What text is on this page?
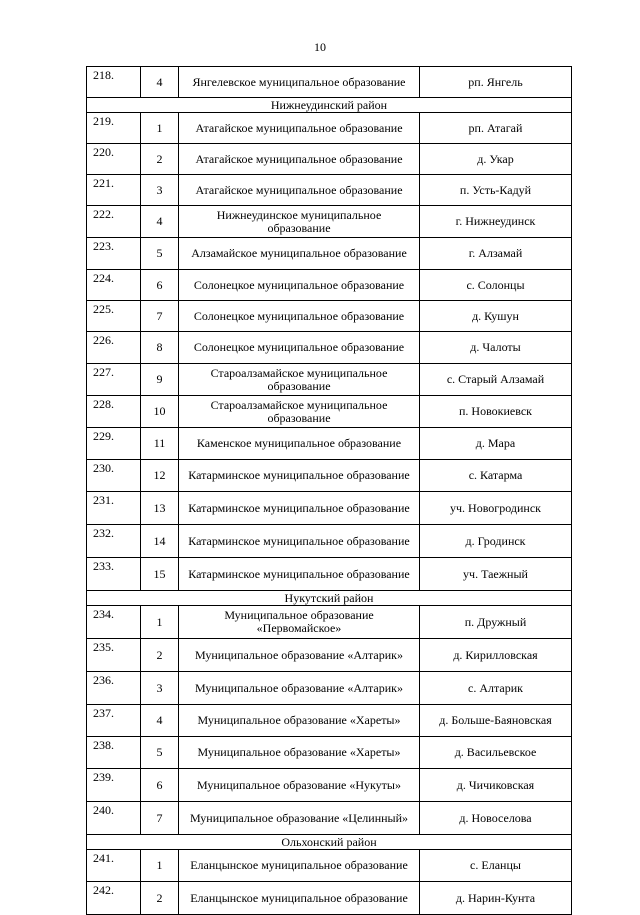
10
218.	4	Янгелевское муниципальное образование	рп. Янгель
Нижнеудинский район			
219.	1	Атагайское муниципальное образование	рп. Атагай
220.	2	Атагайское муниципальное образование	д. Укар
221.	3	Атагайское муниципальное образование	п. Усть-Кадуй
222.	4	Нижнеудинское муниципальное образование	г. Нижнеудинск
223.	5	Алзамайское муниципальное образование	г. Алзамай
224.	6	Солонецкое муниципальное образование	с. Солонцы
225.	7	Солонецкое муниципальное образование	д. Кушун
226.	8	Солонецкое муниципальное образование	д. Чалоты
227.	9	Староалзамайское муниципальное образование	с. Старый Алзамай
228.	10	Староалзамайское муниципальное образование	п. Новокиевск
229.	11	Каменское муниципальное образование	д. Мара
230.	12	Катарминское муниципальное образование	с. Катарма
231.	13	Катарминское муниципальное образование	уч. Новогродинск
232.	14	Катарминское муниципальное образование	д. Гродинск
233.	15	Катарминское муниципальное образование	уч. Таежный
Нукутский район			
234.	1	Муниципальное образование «Первомайское»	п. Дружный
235.	2	Муниципальное образование «Алтарик»	д. Кирилловская
236.	3	Муниципальное образование «Алтарик»	с. Алтарик
237.	4	Муниципальное образование «Хареты»	д. Больше-Баяновская
238.	5	Муниципальное образование «Хареты»	д. Васильевское
239.	6	Муниципальное образование «Нукуты»	д. Чичиковская
240.	7	Муниципальное образование «Целинный»	д. Новоселова
Ольхонский район			
241.	1	Еланцынское муниципальное образование	с. Еланцы
242.	2	Еланцынское муниципальное образование	д. Нарин-Кунта
